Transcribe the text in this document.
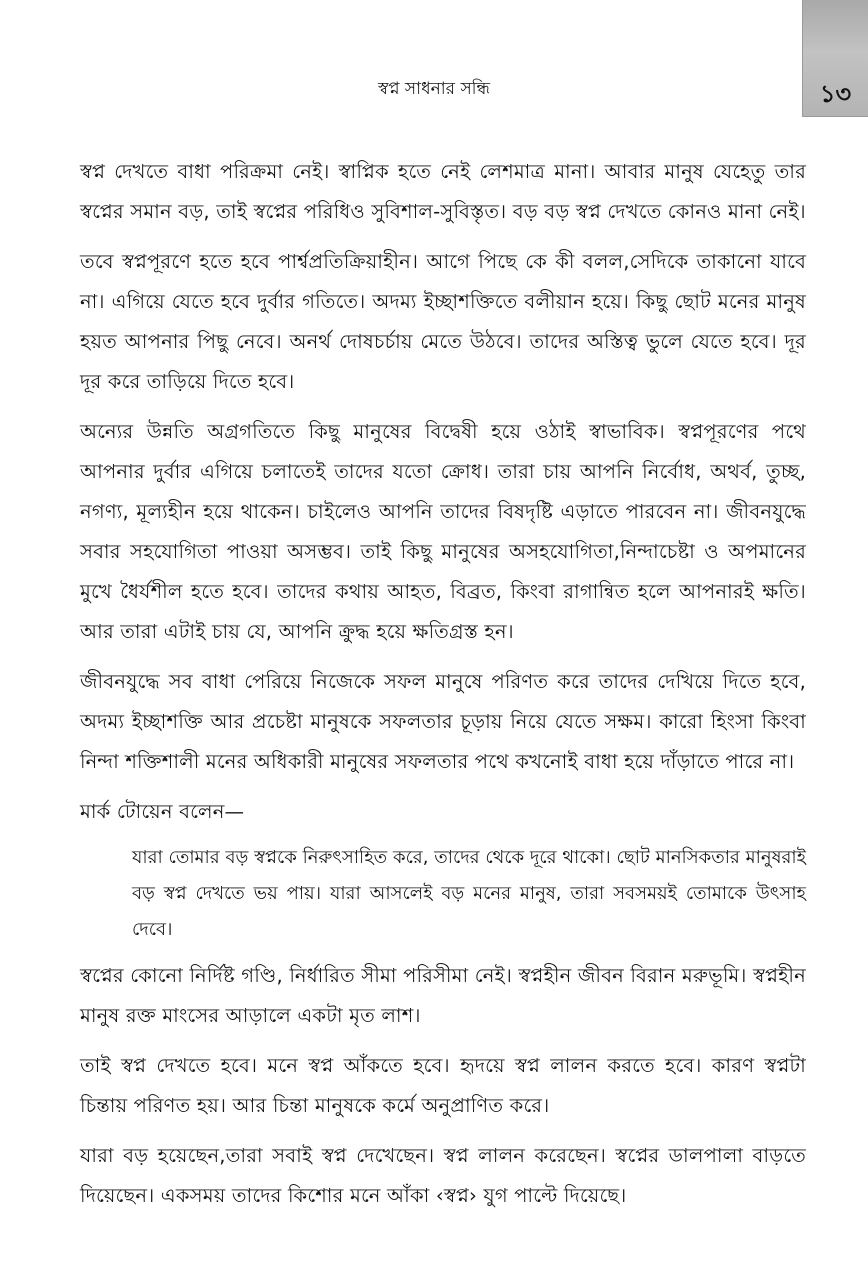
১৩
স্বপ্ন সাধনার সন্ধি

স্বপ্ন দেখতে বাধা পরিক্রমা নেই। স্বাপ্নিক হতে নেই লেশমাত্র মানা। আবার মানুষ যেহেতু তার স্বপ্নের সমান বড়, তাই স্বপ্নের পরিধিও সুবিশাল-সুবিস্তৃত। বড় বড় স্বপ্ন দেখতে কোনও মানা নেই।

তবে স্বপ্নপূরণে হতে হবে পার্শ্বপ্রতিক্রিয়াহীন। আগে পিছে কে কী বলল,সেদিকে তাকানো যাবে না। এগিয়ে যেতে হবে দুর্বার গতিতে। অদম্য ইচ্ছাশক্তিতে বলীয়ান হয়ে। কিছু ছোট মনের মানুষ হয়ত আপনার পিছু নেবে। অনর্থ দোষচর্চায় মেতে উঠবে। তাদের অস্তিত্ব ভুলে যেতে হবে। দূর দূর করে তাড়িয়ে দিতে হবে।

অন্যের উন্নতি অগ্রগতিতে কিছু মানুষের বিদ্বেষী হয়ে ওঠাই স্বাভাবিক। স্বপ্নপূরণের পথে আপনার দুর্বার এগিয়ে চলাতেই তাদের যতো ক্রোধ। তারা চায় আপনি নির্বোধ, অথর্ব, তুচ্ছ, নগণ্য, মূল্যহীন হয়ে থাকেন। চাইলেও আপনি তাদের বিষদৃষ্টি এড়াতে পারবেন না। জীবনযুদ্ধে সবার সহযোগিতা পাওয়া অসম্ভব। তাই কিছু মানুষের অসহযোগিতা,নিন্দাচেষ্টা ও অপমানের মুখে ধৈর্যশীল হতে হবে। তাদের কথায় আহত, বিব্রত, কিংবা রাগান্বিত হলে আপনারই ক্ষতি। আর তারা এটাই চায় যে, আপনি ক্রুদ্ধ হয়ে ক্ষতিগ্রস্ত হন।

জীবনযুদ্ধে সব বাধা পেরিয়ে নিজেকে সফল মানুষে পরিণত করে তাদের দেখিয়ে দিতে হবে, অদম্য ইচ্ছাশক্তি আর প্রচেষ্টা মানুষকে সফলতার চূড়ায় নিয়ে যেতে সক্ষম। কারো হিংসা কিংবা নিন্দা শক্তিশালী মনের অধিকারী মানুষের সফলতার পথে কখনোই বাধা হয়ে দাঁড়াতে পারে না।

মার্ক টোয়েন বলেন—

যারা তোমার বড় স্বপ্নকে নিরুৎসাহিত করে, তাদের থেকে দূরে থাকো। ছোট মানসিকতার মানুষরাই বড় স্বপ্ন দেখতে ভয় পায়। যারা আসলেই বড় মনের মানুষ, তারা সবসময়ই তোমাকে উৎসাহ দেবে।

স্বপ্নের কোনো নির্দিষ্ট গণ্ডি, নির্ধারিত সীমা পরিসীমা নেই। স্বপ্নহীন জীবন বিরান মরুভূমি। স্বপ্নহীন মানুষ রক্ত মাংসের আড়ালে একটা মৃত লাশ।

তাই স্বপ্ন দেখতে হবে। মনে স্বপ্ন আঁকতে হবে। হৃদয়ে স্বপ্ন লালন করতে হবে। কারণ স্বপ্নটা চিন্তায় পরিণত হয়। আর চিন্তা মানুষকে কর্মে অনুপ্রাণিত করে।

যারা বড় হয়েছেন,তারা সবাই স্বপ্ন দেখেছেন। স্বপ্ন লালন করেছেন। স্বপ্নের ডালপালা বাড়তে দিয়েছেন। একসময় তাদের কিশোর মনে আঁকা ‹স্বপ্ন› যুগ পাল্টে দিয়েছে।
